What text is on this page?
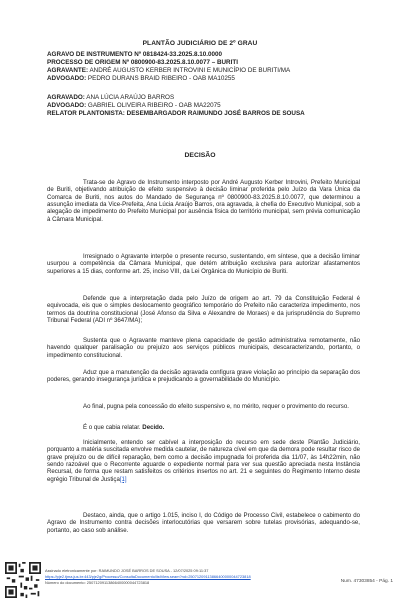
PLANTÃO JUDICIÁRIO DE 2º GRAU
AGRAVO DE INSTRUMENTO Nº 0818424-33.2025.8.10.0000
PROCESSO DE ORIGEM Nº 0800900-83.2025.8.10.0077 – BURITI
AGRAVANTE: ANDRÉ AUGUSTO KERBER INTROVINI E MUNICÍPIO DE BURITI/MA
ADVOGADO: PEDRO DURANS BRAID RIBEIRO - OAB MA10255
AGRAVADO: ANA LÚCIA ARAÚJO BARROS
ADVOGADO: GABRIEL OLIVEIRA RIBEIRO - OAB MA22075
RELATOR PLANTONISTA: DESEMBARGADOR RAIMUNDO JOSÉ BARROS DE SOUSA
DECISÃO

Trata-se de Agravo de Instrumento interposto por André Augusto Kerber Introvini, Prefeito Municipal de Buriti, objetivando atribuição de efeito suspensivo à decisão liminar proferida pelo Juízo da Vara Única da Comarca de Buriti, nos autos do Mandado de Segurança nº 0800900-83.2025.8.10.0077, que determinou a assunção imediata da Vice-Prefeita, Ana Lúcia Araújo Barros, ora agravada, à chefia do Executivo Municipal, sob a alegação de impedimento do Prefeito Municipal por ausência física do território municipal, sem prévia comunicação à Câmara Municipal.

Irresignado o Agravante interpôe o presente recurso, sustentando, em síntese, que a decisão liminar usurpou a competência da Câmara Municipal, que detém atribuição exclusiva para autorizar afastamentos superiores a 15 dias, conforme art. 25, inciso VIII, da Lei Orgânica do Município de Buriti.

Defende que a interpretação dada pelo Juízo de origem ao art. 79 da Constituição Federal é equivocada, eis que o simples deslocamento geográfico temporário do Prefeito não caracteriza impedimento, nos termos da doutrina constitucional (José Afonso da Silva e Alexandre de Moraes) e da jurisprudência do Supremo Tribunal Federal (ADI nº 3647/MA);

Sustenta que o Agravante manteve plena capacidade de gestão administrativa remotamente, não havendo qualquer paralisação ou prejuízo aos serviços públicos municipais, descaracterizando, portanto, o impedimento constitucional.

Aduz que a manutenção da decisão agravada configura grave violação ao princípio da separação dos poderes, gerando insegurança jurídica e prejudicando a governabilidade do Município.

Ao final, pugna pela concessão do efeito suspensivo e, no mérito, requer o provimento do recurso.

É o que cabia relatar. Decido.

Inicialmente, entendo ser cabível a interposição do recurso em sede deste Plantão Judiciário, porquanto a matéria suscitada envolve medida cautelar, de natureza cível em que da demora pode resultar risco de grave prejuízo ou de difícil reparação, bem como a decisão impugnada foi proferida dia 11/07, às 14h22min, não sendo razoável que o Recorrente aguarde o expediente normal para ver sua questão apreciada nesta Instância Recursal, de forma que restam satisfeitos os critérios insertos no art. 21 e seguintes do Regimento Interno deste egrégio Tribunal de Justiça[1]

Destaco, ainda, que o artigo 1.015, inciso I, do Código de Processo Civil, estabelece o cabimento do Agravo de Instrumento contra decisões interlocutórias que versarem sobre tutelas provisórias, adequando-se, portanto, ao caso sob análise.

Assinado eletronicamente por: RAIMUNDO JOSÉ BARROS DE SOUSA - 12/07/2025 09:11:37
https://pje2.tjma.jus.br:443/pje2g/Processo/ConsultaDocumento/listView.seam?nd=25071209113866400000044723818
Número do documento: 25071209113866400000044723818	Num. 47303854 - Pág. 1
